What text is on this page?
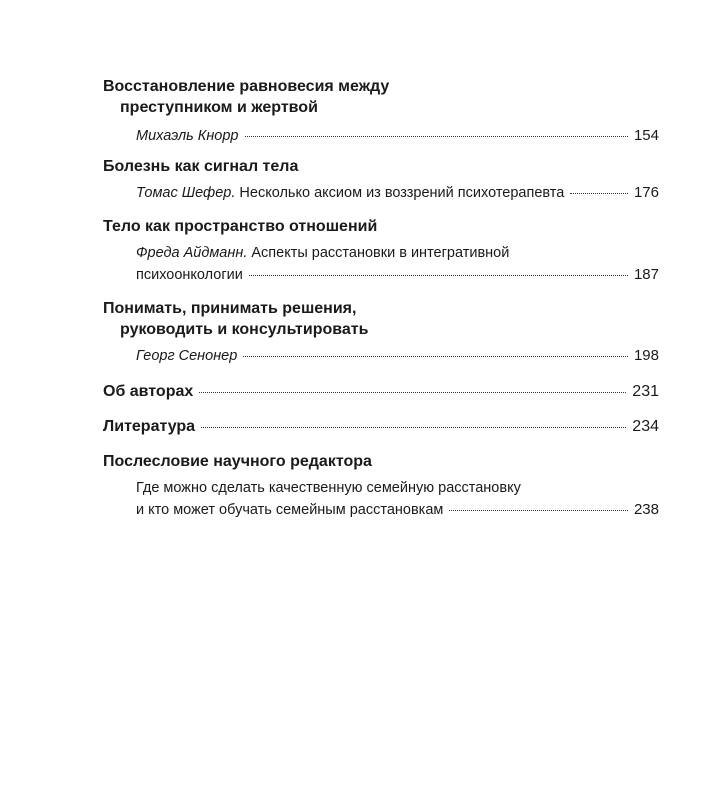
Восстановление равновесия между
преступником и жертвой

Михаэль Кнорр	154

Болезнь как сигнал тела

Томас Шефер. Несколько аксиом из воззрений психотерапевта	176

Тело как пространство отношений

Фреда Айдманн. Аспекты расстановки в интегративной
психоонкологии	187

Понимать, принимать решения,
руководить и консультировать

Георг Сенонер	198
Об авторах	231
Литература	234

Послесловие научного редактора

Где можно сделать качественную семейную расстановку
и кто может обучать семейным расстановкам	238
